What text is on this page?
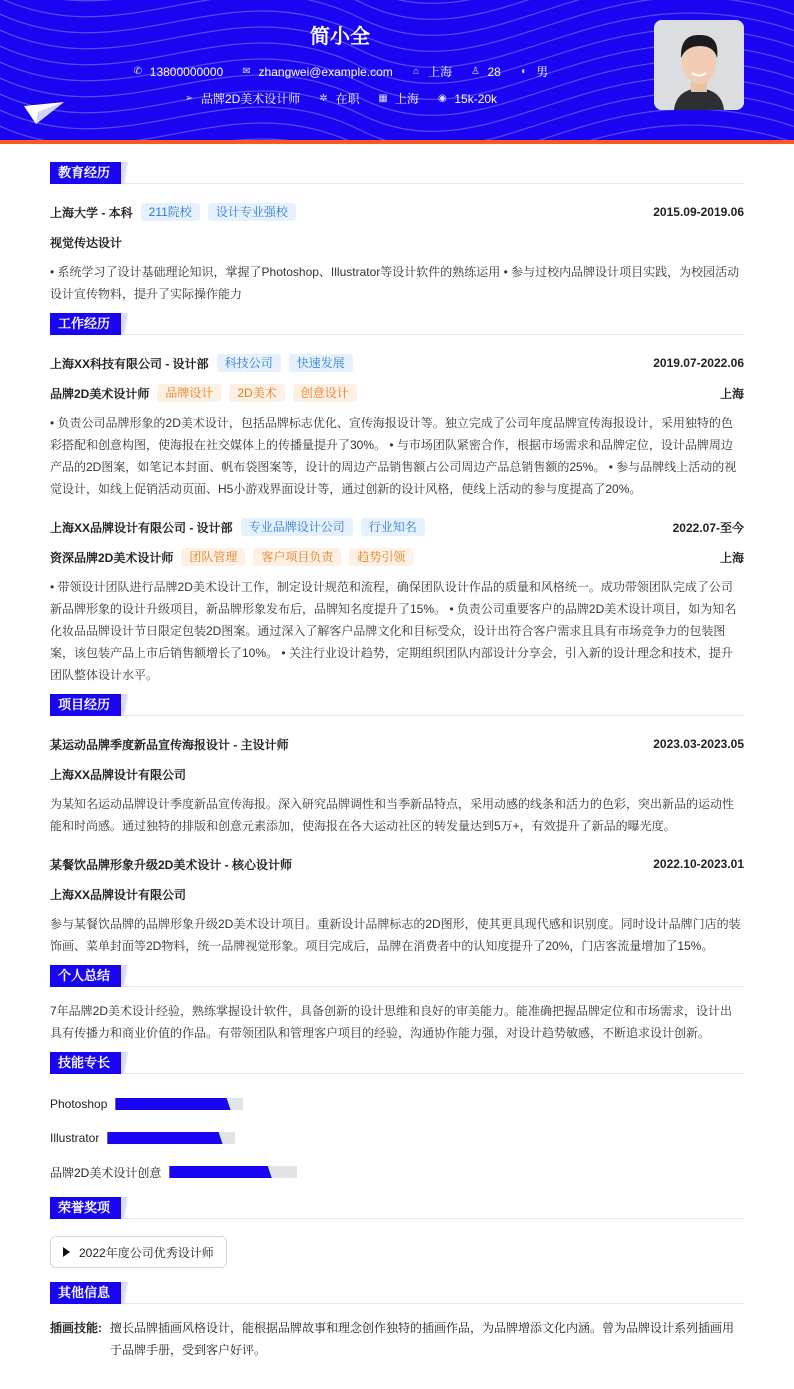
简小全
✆ 13800000000
✉ zhangwei@example.com
⌂ 上海
♙ 28
◐ 男
➢ 品牌2D美术设计师
✲ 在职
▦ 上海
◉ 15k-20k
教育经历
上海大学 - 本科	211院校	设计专业强校	2015.09-2019.06
视觉传达设计
• 系统学习了设计基础理论知识，掌握了Photoshop、Illustrator等设计软件的熟练运用 • 参与过校内品牌设计项目实践，为校园活动设计宣传物料，提升了实际操作能力
工作经历
上海XX科技有限公司 - 设计部	科技公司	快速发展	2019.07-2022.06
品牌2D美术设计师	品牌设计	2D美术	创意设计	上海
• 负责公司品牌形象的2D美术设计，包括品牌标志优化、宣传海报设计等。独立完成了公司年度品牌宣传海报设计，采用独特的色彩搭配和创意构图，使海报在社交媒体上的传播量提升了30%。 • 与市场团队紧密合作，根据市场需求和品牌定位，设计品牌周边产品的2D图案，如笔记本封面、帆布袋图案等，设计的周边产品销售额占公司周边产品总销售额的25%。 • 参与品牌线上活动的视觉设计，如线上促销活动页面、H5小游戏界面设计等，通过创新的设计风格，使线上活动的参与度提高了20%。
上海XX品牌设计有限公司 - 设计部	专业品牌设计公司	行业知名	2022.07-至今
资深品牌2D美术设计师	团队管理	客户项目负责	趋势引领	上海
• 带领设计团队进行品牌2D美术设计工作，制定设计规范和流程，确保团队设计作品的质量和风格统一。成功带领团队完成了公司新品牌形象的设计升级项目，新品牌形象发布后，品牌知名度提升了15%。 • 负责公司重要客户的品牌2D美术设计项目，如为知名化妆品品牌设计节日限定包装2D图案。通过深入了解客户品牌文化和目标受众，设计出符合客户需求且具有市场竞争力的包装图案，该包装产品上市后销售额增长了10%。 • 关注行业设计趋势，定期组织团队内部设计分享会，引入新的设计理念和技术，提升团队整体设计水平。
项目经历
某运动品牌季度新品宣传海报设计 - 主设计师	2023.03-2023.05
上海XX品牌设计有限公司
为某知名运动品牌设计季度新品宣传海报。深入研究品牌调性和当季新品特点，采用动感的线条和活力的色彩，突出新品的运动性能和时尚感。通过独特的排版和创意元素添加，使海报在各大运动社区的转发量达到5万+，有效提升了新品的曝光度。
某餐饮品牌形象升级2D美术设计 - 核心设计师	2022.10-2023.01
上海XX品牌设计有限公司
参与某餐饮品牌的品牌形象升级2D美术设计项目。重新设计品牌标志的2D图形，使其更具现代感和识别度。同时设计品牌门店的装饰画、菜单封面等2D物料，统一品牌视觉形象。项目完成后，品牌在消费者中的认知度提升了20%，门店客流量增加了15%。
个人总结
7年品牌2D美术设计经验，熟练掌握设计软件，具备创新的设计思维和良好的审美能力。能准确把握品牌定位和市场需求，设计出具有传播力和商业价值的作品。有带领团队和管理客户项目的经验，沟通协作能力强，对设计趋势敏感，不断追求设计创新。
技能专长
Photoshop
Illustrator
品牌2D美术设计创意
荣誉奖项
2022年度公司优秀设计师
其他信息
插画技能: 擅长品牌插画风格设计，能根据品牌故事和理念创作独特的插画作品，为品牌增添文化内涵。曾为品牌设计系列插画用于品牌手册，受到客户好评。
